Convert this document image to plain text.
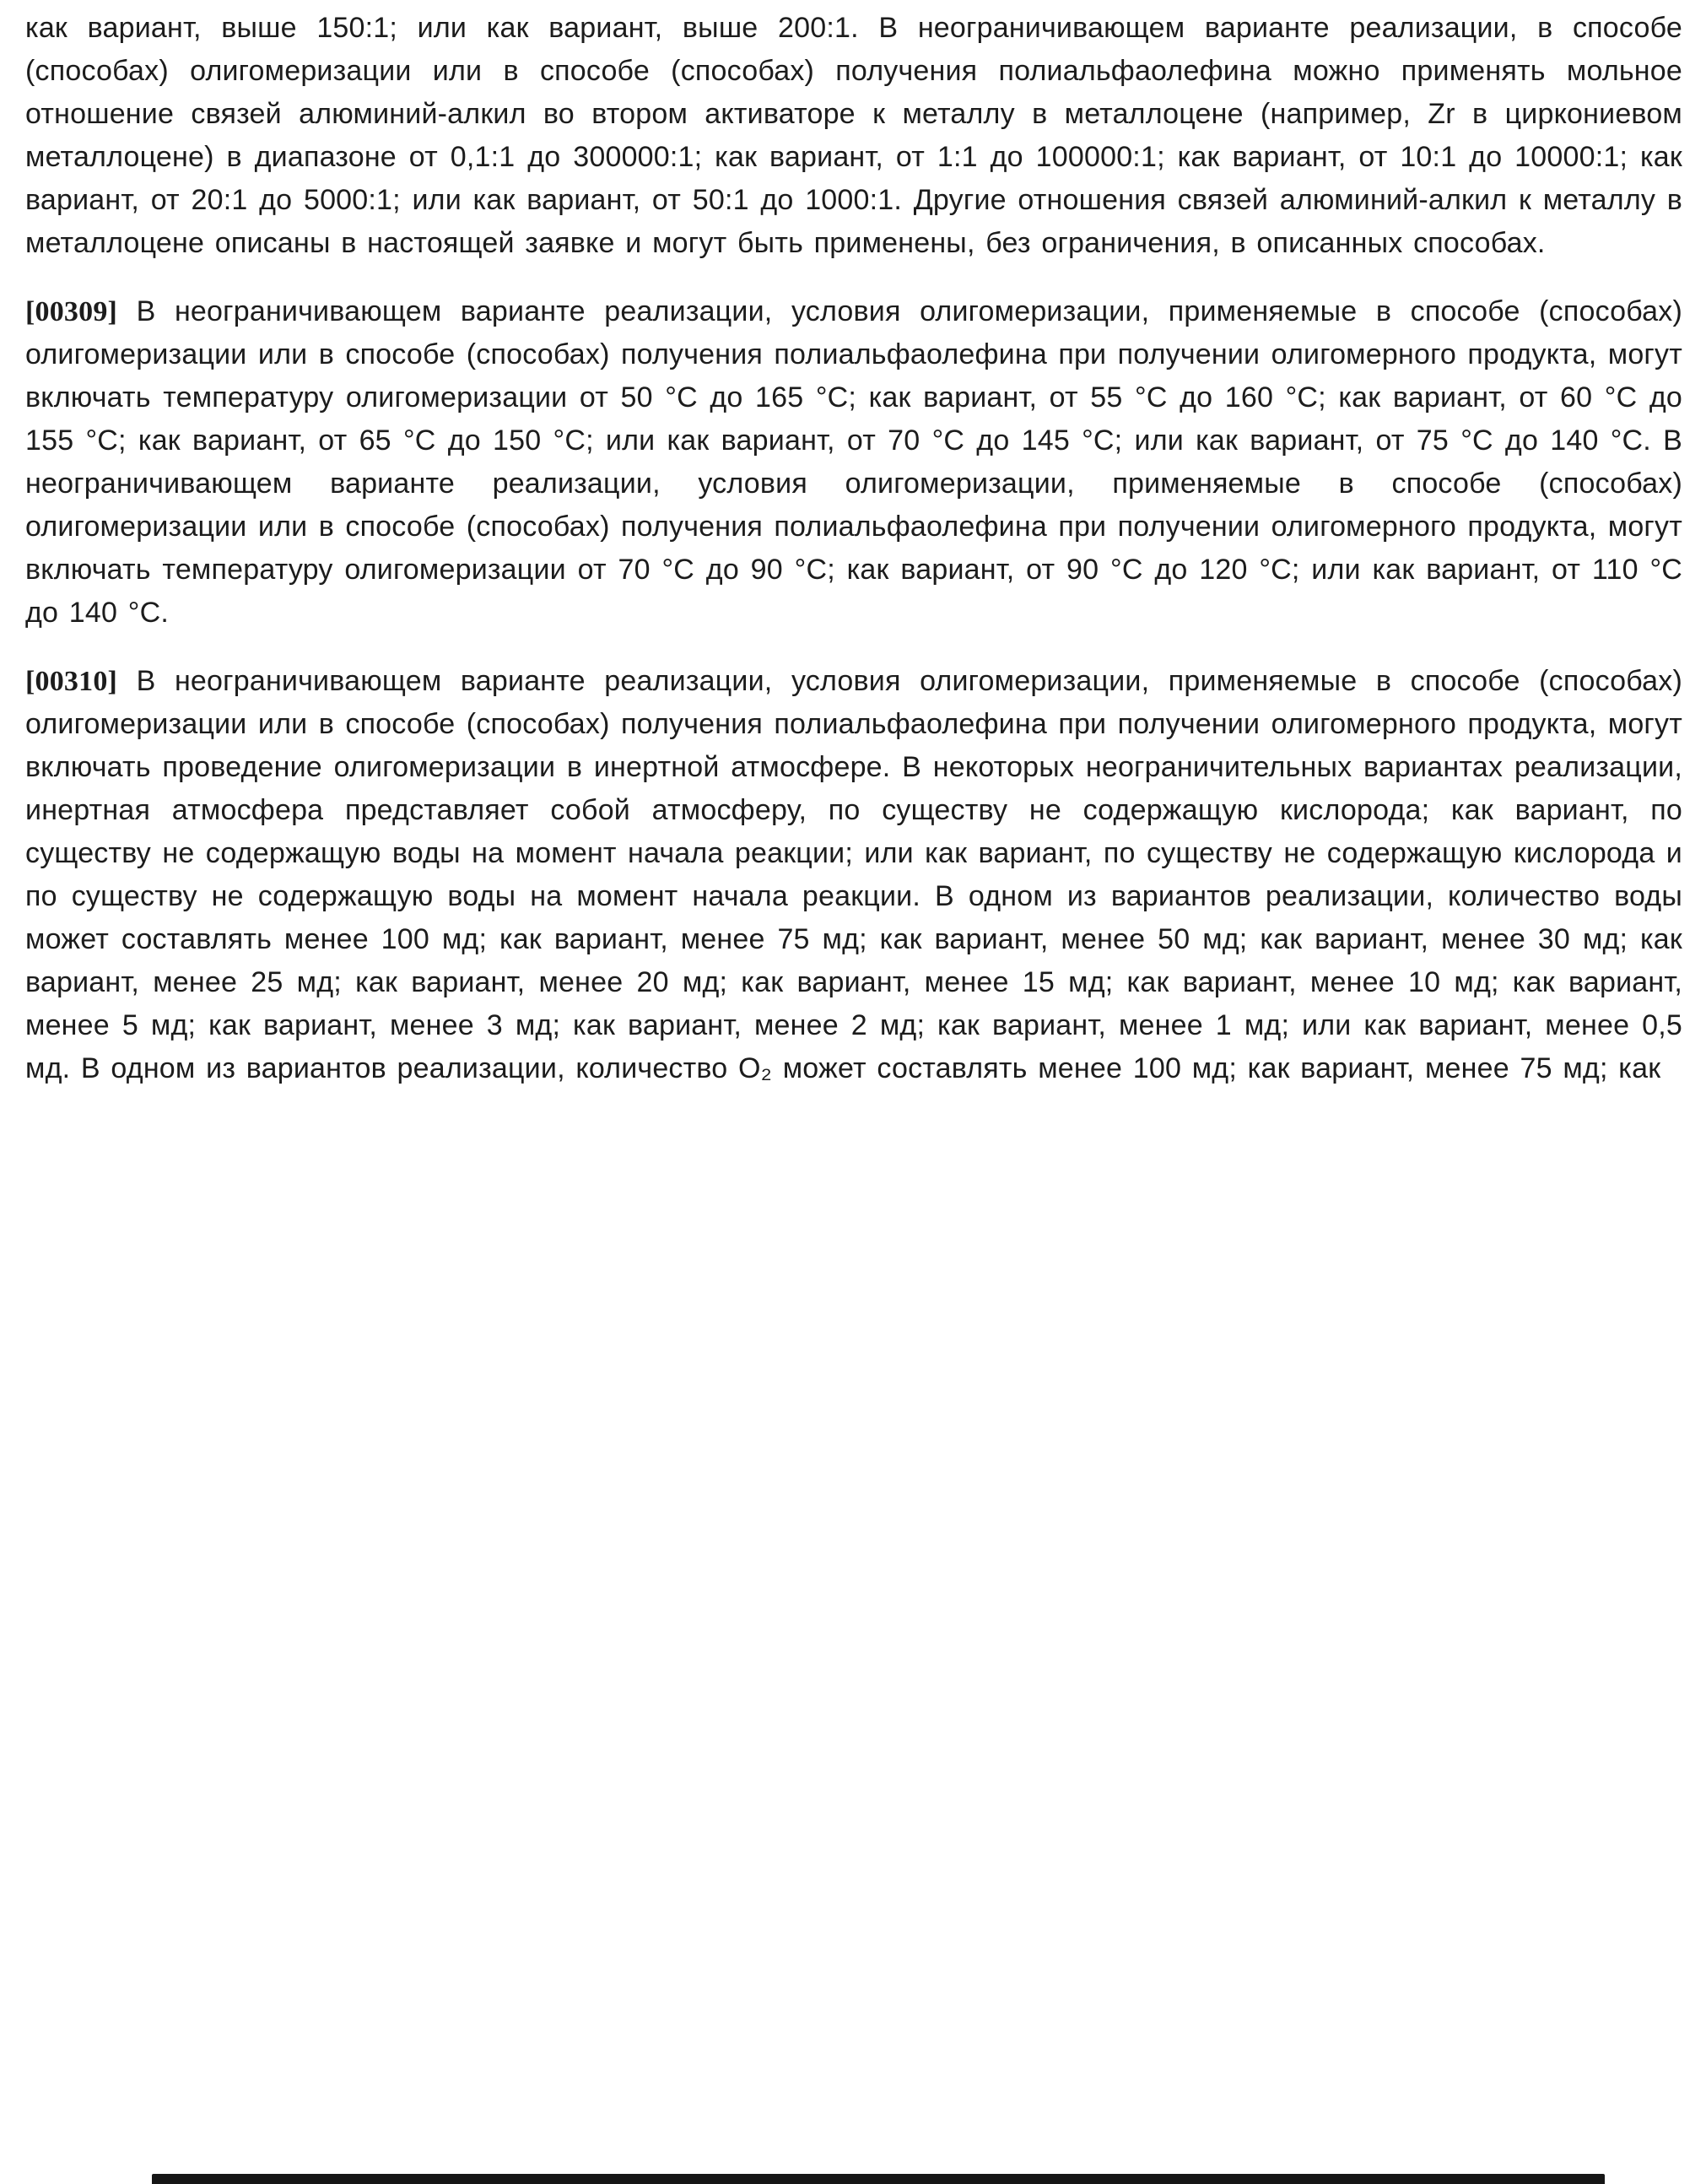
как вариант, выше 150:1; или как вариант, выше 200:1. В неограничивающем варианте реализации, в способе (способах) олигомеризации или в способе (способах) получения полиальфаолефина можно применять мольное отношение связей алюминий-алкил во втором активаторе к металлу в металлоцене (например, Zr в циркониевом металлоцене) в диапазоне от 0,1:1 до 300000:1; как вариант, от 1:1 до 100000:1; как вариант, от 10:1 до 10000:1; как вариант, от 20:1 до 5000:1; или как вариант, от 50:1 до 1000:1. Другие отношения связей алюминий-алкил к металлу в металлоцене описаны в настоящей заявке и могут быть применены, без ограничения, в описанных способах.

[00309] В неограничивающем варианте реализации, условия олигомеризации, применяемые в способе (способах) олигомеризации или в способе (способах) получения полиальфаолефина при получении олигомерного продукта, могут включать температуру олигомеризации от 50 °С до 165 °С; как вариант, от 55 °С до 160 °С; как вариант, от 60 °С до 155 °С; как вариант, от 65 °С до 150 °С; или как вариант, от 70 °С до 145 °С; или как вариант, от 75 °С до 140 °С. В неограничивающем варианте реализации, условия олигомеризации, применяемые в способе (способах) олигомеризации или в способе (способах) получения полиальфаолефина при получении олигомерного продукта, могут включать температуру олигомеризации от 70 °С до 90 °С; как вариант, от 90 °С до 120 °С; или как вариант, от 110 °С до 140 °С.

[00310] В неограничивающем варианте реализации, условия олигомеризации, применяемые в способе (способах) олигомеризации или в способе (способах) получения полиальфаолефина при получении олигомерного продукта, могут включать проведение олигомеризации в инертной атмосфере. В некоторых неограничительных вариантах реализации, инертная атмосфера представляет собой атмосферу, по существу не содержащую кислорода; как вариант, по существу не содержащую воды на момент начала реакции; или как вариант, по существу не содержащую кислорода и по существу не содержащую воды на момент начала реакции. В одном из вариантов реализации, количество воды может составлять менее 100 мд; как вариант, менее 75 мд; как вариант, менее 50 мд; как вариант, менее 30 мд; как вариант, менее 25 мд; как вариант, менее 20 мд; как вариант, менее 15 мд; как вариант, менее 10 мд; как вариант, менее 5 мд; как вариант, менее 3 мд; как вариант, менее 2 мд; как вариант, менее 1 мд; или как вариант, менее 0,5 мд. В одном из вариантов реализации, количество О₂ может составлять менее 100 мд; как вариант, менее 75 мд; как
